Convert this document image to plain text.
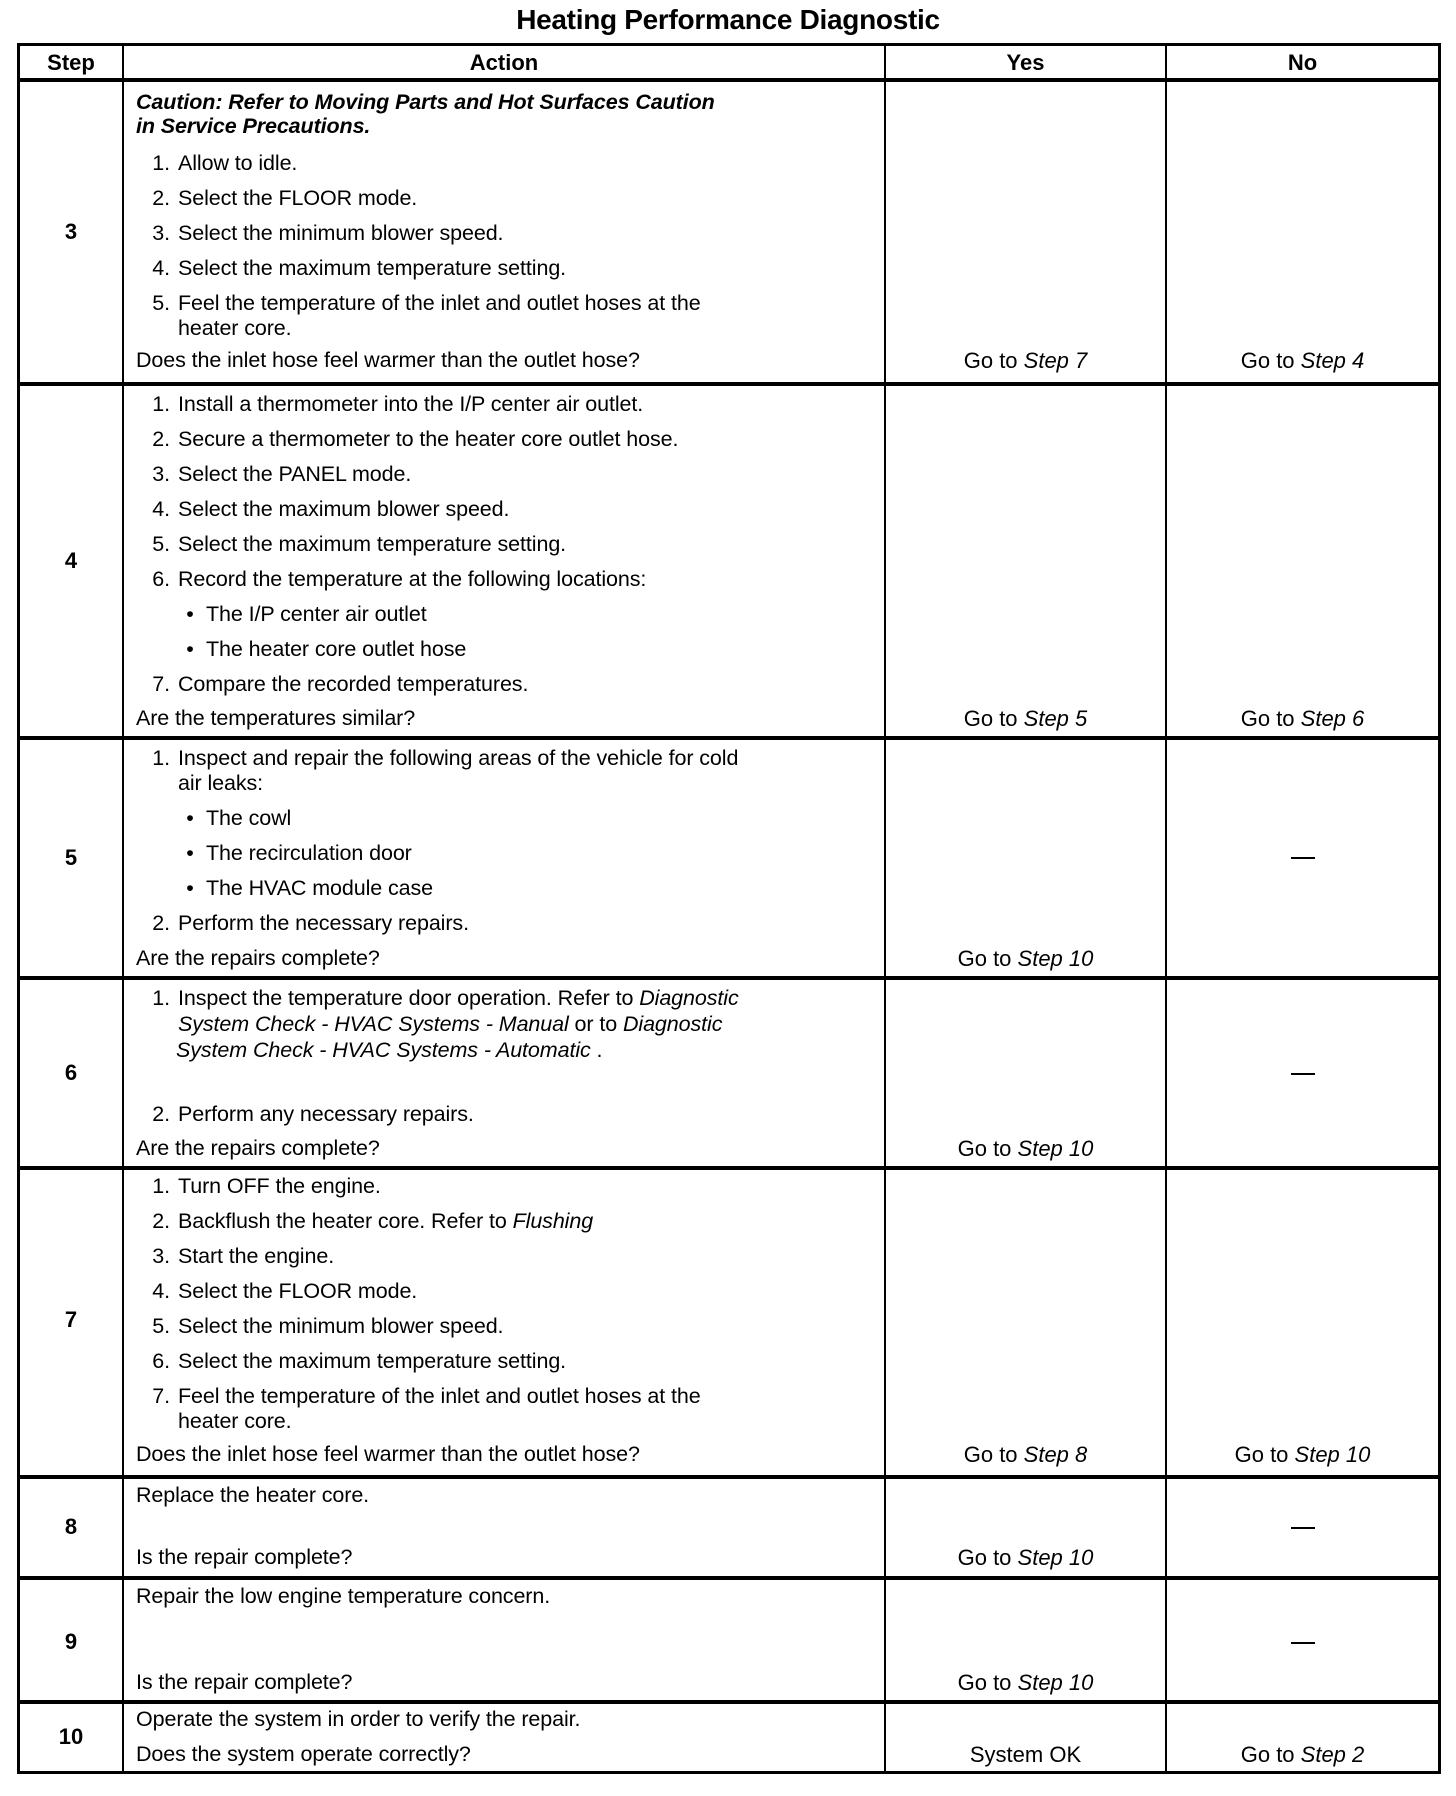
Heating Performance Diagnostic
Step	Action	Yes	No
3
Caution: Refer to Moving Parts and Hot Surfaces Caution
in Service Precautions.
1. Allow to idle.
2. Select the FLOOR mode.
3. Select the minimum blower speed.
4. Select the maximum temperature setting.
5. Feel the temperature of the inlet and outlet hoses at the
heater core.
Does the inlet hose feel warmer than the outlet hose?	Go to Step 7	Go to Step 4
4
1. Install a thermometer into the I/P center air outlet.
2. Secure a thermometer to the heater core outlet hose.
3. Select the PANEL mode.
4. Select the maximum blower speed.
5. Select the maximum temperature setting.
6. Record the temperature at the following locations:
• The I/P center air outlet
• The heater core outlet hose
7. Compare the recorded temperatures.
Are the temperatures similar?	Go to Step 5	Go to Step 6
5
1. Inspect and repair the following areas of the vehicle for cold
air leaks:
• The cowl
• The recirculation door
• The HVAC module case
2. Perform the necessary repairs.
Are the repairs complete?	Go to Step 10
6
1. Inspect the temperature door operation. Refer to Diagnostic
System Check - HVAC Systems - Manual or to Diagnostic
System Check - HVAC Systems - Automatic .
2. Perform any necessary repairs.
Are the repairs complete?	Go to Step 10
7
1. Turn OFF the engine.
2. Backflush the heater core. Refer to Flushing
3. Start the engine.
4. Select the FLOOR mode.
5. Select the minimum blower speed.
6. Select the maximum temperature setting.
7. Feel the temperature of the inlet and outlet hoses at the
heater core.
Does the inlet hose feel warmer than the outlet hose?	Go to Step 8	Go to Step 10
8
Replace the heater core.
Is the repair complete?	Go to Step 10
9
Repair the low engine temperature concern.
Is the repair complete?	Go to Step 10
10
Operate the system in order to verify the repair.
Does the system operate correctly?	System OK	Go to Step 2
